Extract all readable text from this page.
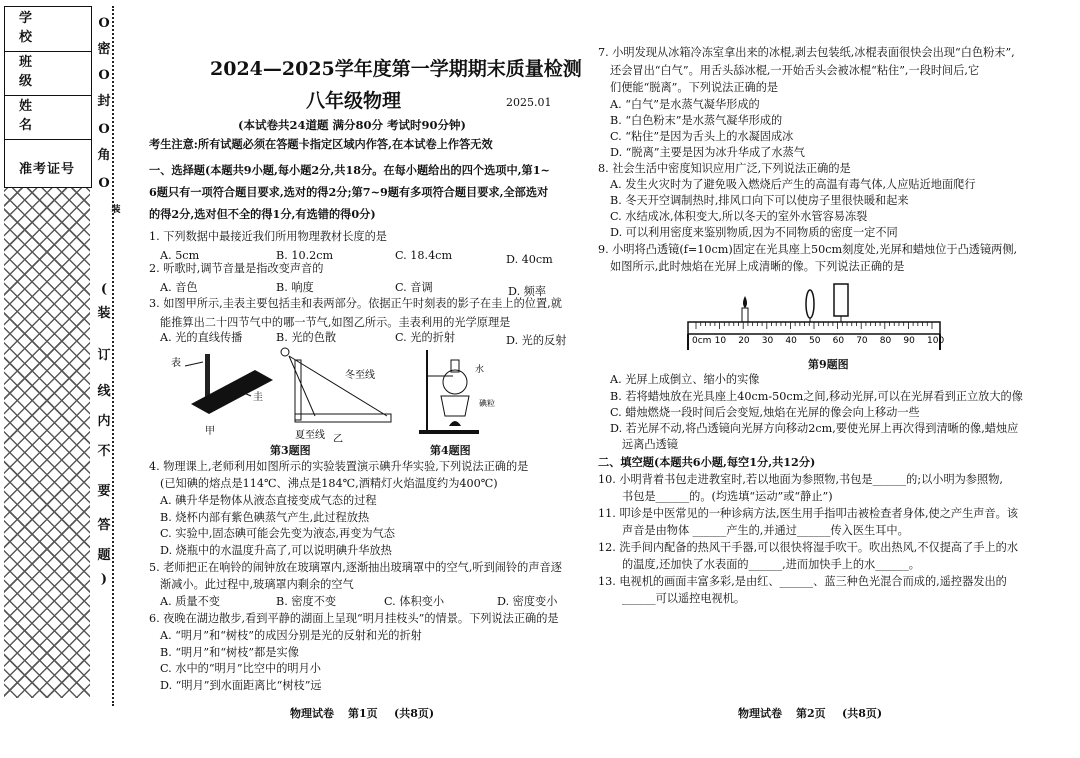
学 校
班 级
姓 名
准考证号
O
密
O
封
O
角
O
装
(
装
订
线
内
不
要
答
题
)
2024—2025学年度第一学期期末质量检测
八年级物理	2025.01
(本试卷共24道题 满分80分 考试时90分钟)
考生注意:所有试题必须在答题卡指定区域内作答,在本试卷上作答无效
一、选择题(本题共9小题,每小题2分,共18分。在每小题给出的四个选项中,第1~
6题只有一项符合题目要求,选对的得2分;第7~9题有多项符合题目要求,全部选对
的得2分,选对但不全的得1分,有选错的得0分)
1. 下列数据中最接近我们所用物理教材长度的是
A. 5cm	B. 10.2cm	C. 18.4cm	D. 40cm
2. 听歌时,调节音量是指改变声音的
A. 音色	B. 响度	C. 音调	D. 频率
3. 如图甲所示,圭表主要包括圭和表两部分。依据正午时刻表的影子在圭上的位置,就
能推算出二十四节气中的哪一节气,如图乙所示。圭表利用的光学原理是
A. 光的直线传播	B. 光的色散	C. 光的折射	D. 光的反射
表
圭
甲
冬至线
夏至线 乙
水
碘粒
第3题图	第4题图
4. 物理课上,老师利用如图所示的实验装置演示碘升华实验,下列说法正确的是
(已知碘的熔点是114℃、沸点是184℃,酒精灯火焰温度约为400℃)
A. 碘升华是物体从液态直接变成气态的过程
B. 烧杯内部有紫色碘蒸气产生,此过程放热
C. 实验中,固态碘可能会先变为液态,再变为气态
D. 烧瓶中的水温度升高了,可以说明碘升华放热
5. 老师把正在响铃的闹钟放在玻璃罩内,逐渐抽出玻璃罩中的空气,听到闹铃的声音逐
渐减小。此过程中,玻璃罩内剩余的空气
A. 质量不变	B. 密度不变	C. 体积变小	D. 密度变小
6. 夜晚在湖边散步,看到平静的湖面上呈现“明月挂枝头”的情景。下列说法正确的是
A. “明月”和“树枝”的成因分别是光的反射和光的折射
B. “明月”和“树枝”都是实像
C. 水中的“明月”比空中的明月小
D. “明月”到水面距离比“树枝”远
物理试卷 第1页 (共8页)
7. 小明发现从冰箱冷冻室拿出来的冰棍,剥去包装纸,冰棍表面很快会出现“白色粉末”,
还会冒出“白气”。用舌头舔冰棍,一开始舌头会被冰棍“粘住”,一段时间后,它
们便能“脱离”。下列说法正确的是
A. “白气”是水蒸气凝华形成的
B. “白色粉末”是水蒸气凝华形成的
C. “粘住”是因为舌头上的水凝固成冰
D. “脱离”主要是因为冰升华成了水蒸气
8. 社会生活中密度知识应用广泛,下列说法正确的是
A. 发生火灾时为了避免吸入燃烧后产生的高温有毒气体,人应贴近地面爬行
B. 冬天开空调制热时,排风口向下可以使房子里很快暖和起来
C. 水结成冰,体积变大,所以冬天的室外水管容易冻裂
D. 可以利用密度来鉴别物质,因为不同物质的密度一定不同
9. 小明将凸透镜(f=10cm)固定在光具座上50cm刻度处,光屏和蜡烛位于凸透镜两侧,
如图所示,此时烛焰在光屏上成清晰的像。下列说法正确的是
0cm 10 20 30 40 50 60 70 80 90 100
第9题图
A. 光屏上成倒立、缩小的实像
B. 若将蜡烛放在光具座上40cm-50cm之间,移动光屏,可以在光屏看到正立放大的像
C. 蜡烛燃烧一段时间后会变短,烛焰在光屏的像会向上移动一些
D. 若光屏不动,将凸透镜向光屏方向移动2cm,要使光屏上再次得到清晰的像,蜡烛应
远离凸透镜
二、填空题(本题共6小题,每空1分,共12分)
10. 小明背着书包走进教室时,若以地面为参照物,书包是______的;以小明为参照物,
书包是______的。(均选填“运动”或“静止”)
11. 叩诊是中医常见的一种诊病方法,医生用手指叩击被检查者身体,使之产生声音。该
声音是由物体 ______产生的,并通过______传入医生耳中。
12. 洗手间内配备的热风干手器,可以很快将湿手吹干。吹出热风,不仅提高了手上的水
的温度,还加快了水表面的______,进而加快手上的水______。
13. 电视机的画面丰富多彩,是由红、______、蓝三种色光混合而成的,遥控器发出的
______可以遥控电视机。
物理试卷 第2页 (共8页)
